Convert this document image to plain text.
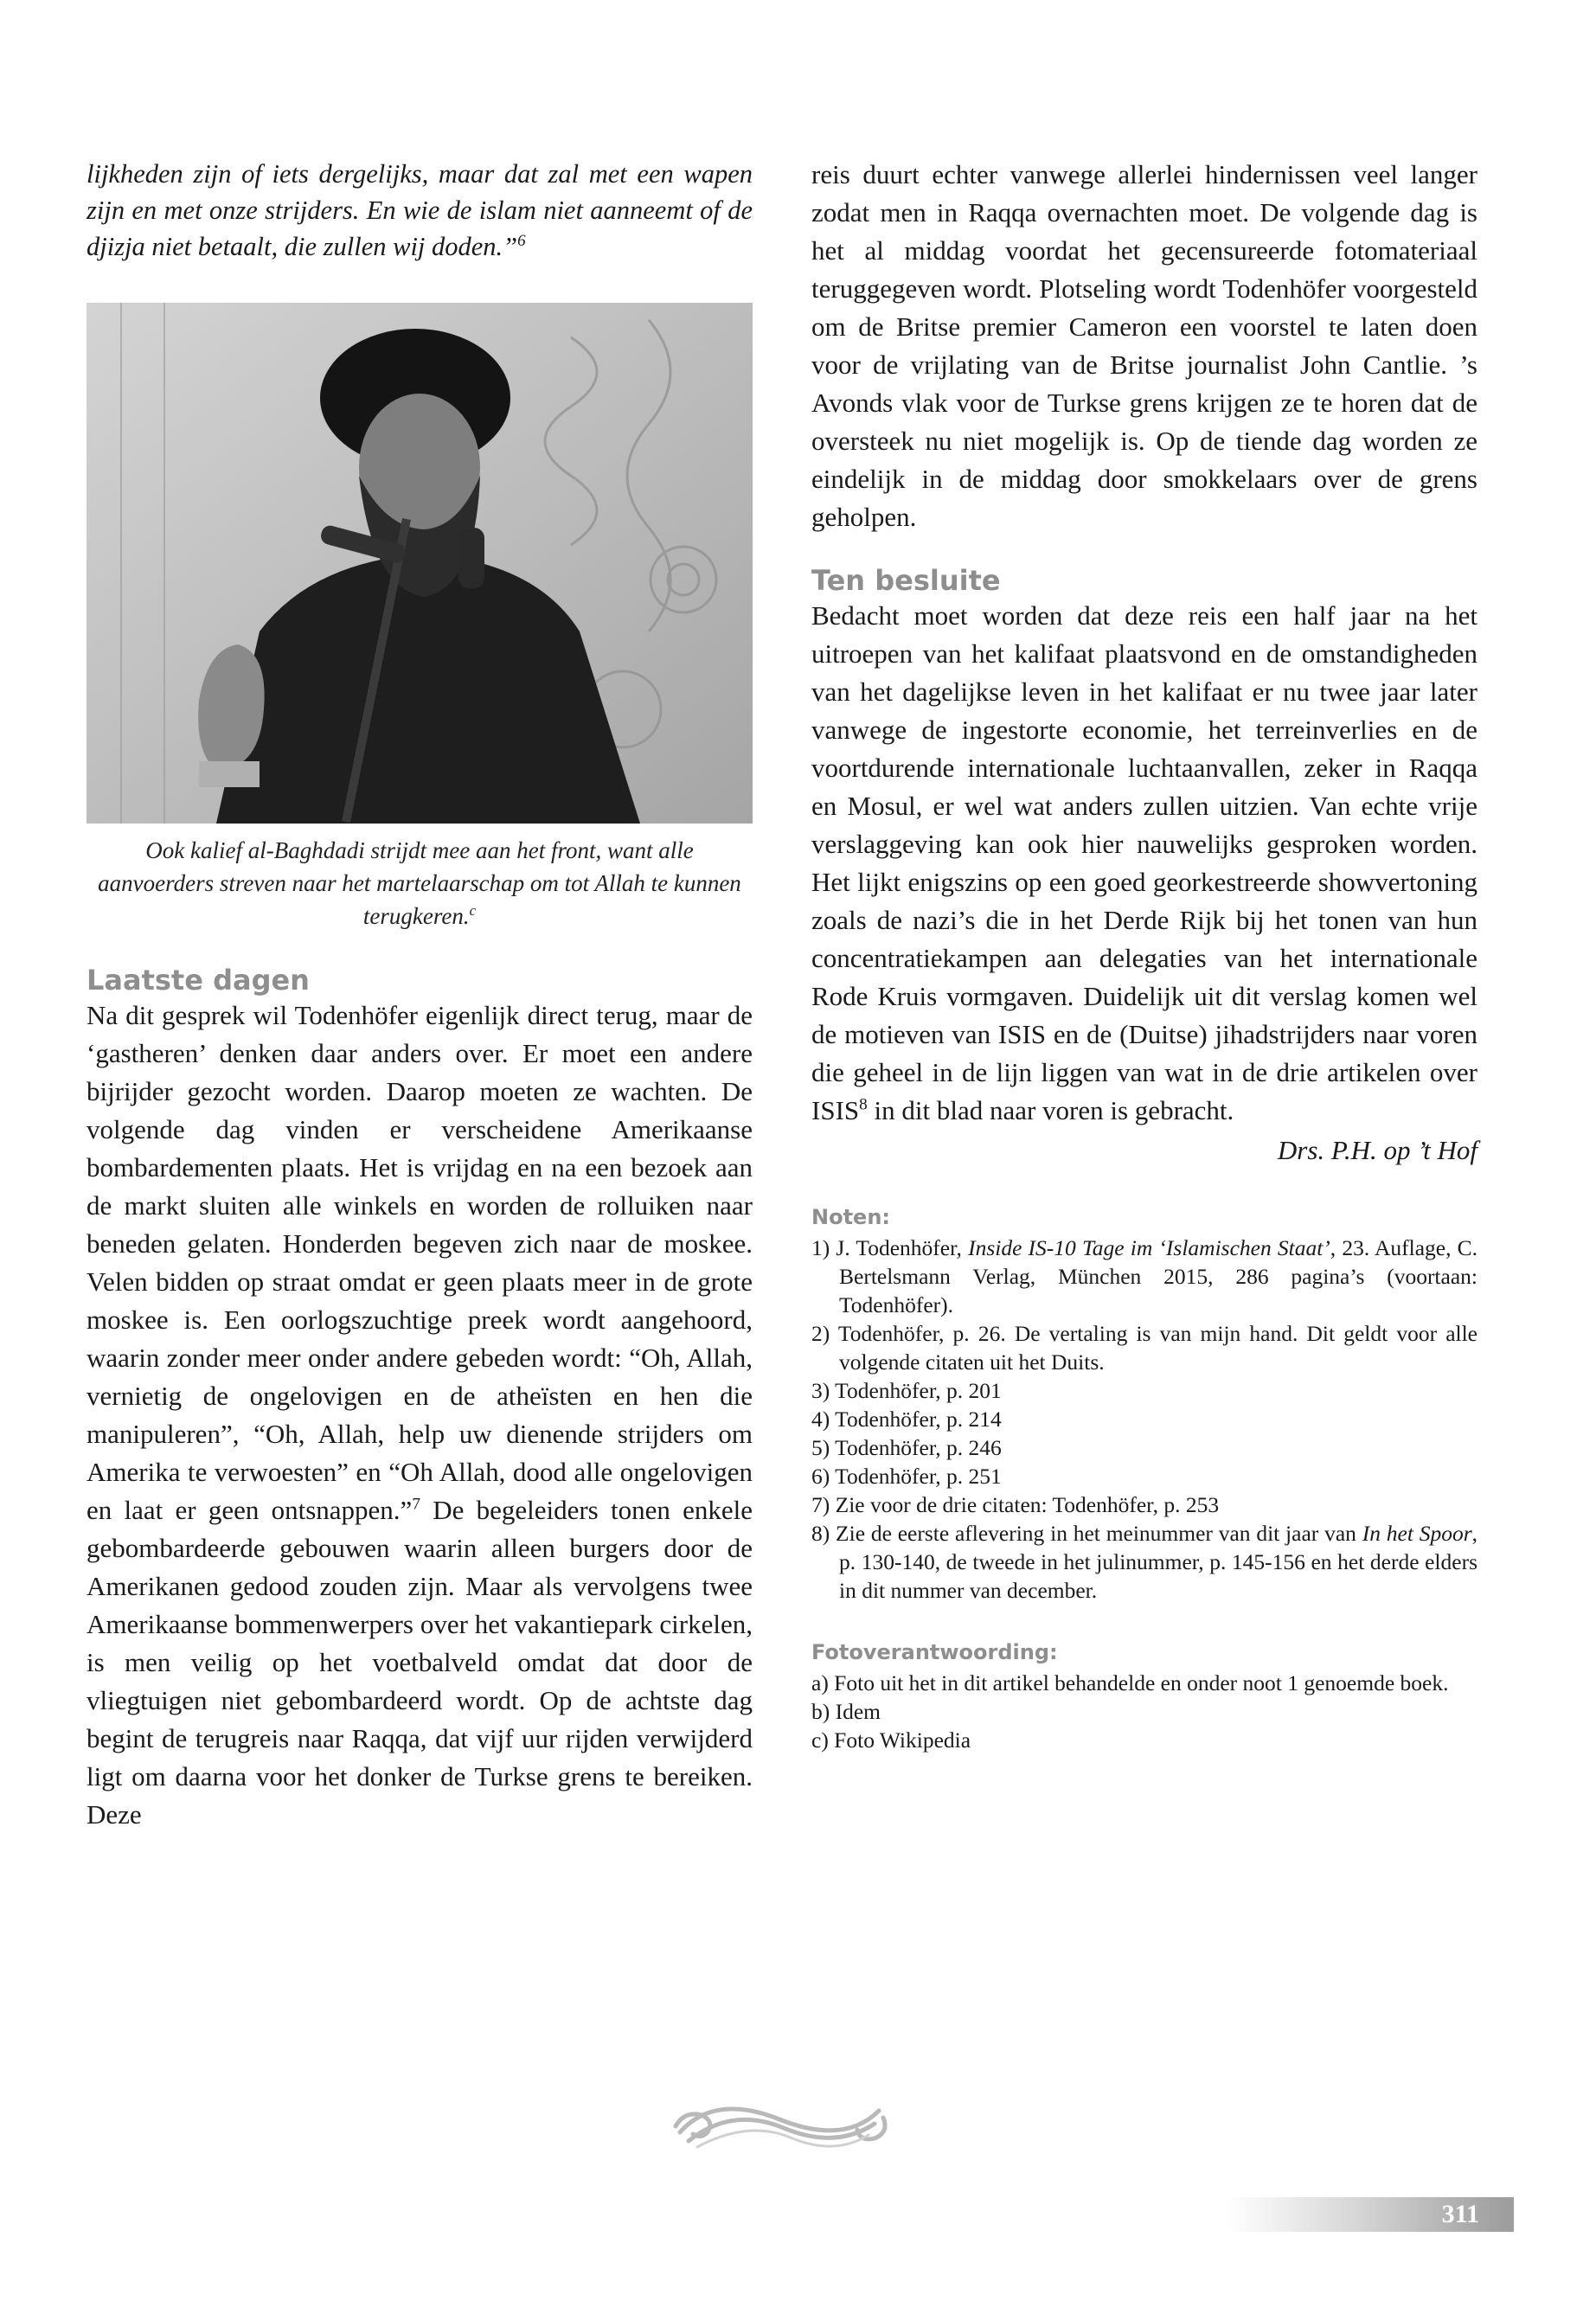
lijkheden zijn of iets dergelijks, maar dat zal met een wapen zijn en met onze strijders. En wie de islam niet aanneemt of de djizja niet betaalt, die zullen wij doden.”$^6$

Ook kalief al-Baghdadi strijdt mee aan het front, want alle aanvoerders streven naar het martelaarschap om tot Allah te kunnen terugkeren.$^c$

Laatste dagen

Na dit gesprek wil Todenhöfer eigenlijk direct terug, maar de ‘gastheren’ denken daar anders over. Er moet een andere bijrijder gezocht worden. Daarop moeten ze wachten. De volgende dag vinden er verscheidene Amerikaanse bombardementen plaats. Het is vrijdag en na een bezoek aan de markt sluiten alle winkels en worden de rolluiken naar beneden gelaten. Honderden begeven zich naar de moskee. Velen bidden op straat omdat er geen plaats meer in de grote moskee is. Een oorlogszuchtige preek wordt aangehoord, waarin zonder meer onder andere gebeden wordt: “Oh, Allah, vernietig de ongelovigen en de atheïsten en hen die manipuleren”, “Oh, Allah, help uw dienende strijders om Amerika te verwoesten” en “Oh Allah, dood alle ongelovigen en laat er geen ontsnappen.”$^7$ De begeleiders tonen enkele gebombardeerde gebouwen waarin alleen burgers door de Amerikanen gedood zouden zijn. Maar als vervolgens twee Amerikaanse bommenwerpers over het vakantiepark cirkelen, is men veilig op het voetbalveld omdat dat door de vliegtuigen niet gebombardeerd wordt. Op de achtste dag begint de terugreis naar Raqqa, dat vijf uur rijden verwijderd ligt om daarna voor het donker de Turkse grens te bereiken. Deze

reis duurt echter vanwege allerlei hindernissen veel langer zodat men in Raqqa overnachten moet. De volgende dag is het al middag voordat het gecensureerde fotomateriaal teruggegeven wordt. Plotseling wordt Todenhöfer voorgesteld om de Britse premier Cameron een voorstel te laten doen voor de vrijlating van de Britse journalist John Cantlie. ’s Avonds vlak voor de Turkse grens krijgen ze te horen dat de oversteek nu niet mogelijk is. Op de tiende dag worden ze eindelijk in de middag door smokkelaars over de grens geholpen.

Ten besluite

Bedacht moet worden dat deze reis een half jaar na het uitroepen van het kalifaat plaatsvond en de omstandigheden van het dagelijkse leven in het kalifaat er nu twee jaar later vanwege de ingestorte economie, het terreinverlies en de voortdurende internationale luchtaanvallen, zeker in Raqqa en Mosul, er wel wat anders zullen uitzien. Van echte vrije verslaggeving kan ook hier nauwelijks gesproken worden. Het lijkt enigszins op een goed georkestreerde showvertoning zoals de nazi’s die in het Derde Rijk bij het tonen van hun concentratiekampen aan delegaties van het internationale Rode Kruis vormgaven. Duidelijk uit dit verslag komen wel de motieven van ISIS en de (Duitse) jihadstrijders naar voren die geheel in de lijn liggen van wat in de drie artikelen over ISIS$^8$ in dit blad naar voren is gebracht.

Drs. P.H. op ’t Hof

Noten:
1) J. Todenhöfer, Inside IS-10 Tage im ‘Islamischen Staat’, 23. Auflage, C. Bertelsmann Verlag, München 2015, 286 pagina’s (voortaan: Todenhöfer).
2) Todenhöfer, p. 26. De vertaling is van mijn hand. Dit geldt voor alle volgende citaten uit het Duits.
3) Todenhöfer, p. 201
4) Todenhöfer, p. 214
5) Todenhöfer, p. 246
6) Todenhöfer, p. 251
7) Zie voor de drie citaten: Todenhöfer, p. 253
8) Zie de eerste aflevering in het meinummer van dit jaar van In het Spoor, p. 130-140, de tweede in het julinummer, p. 145-156 en het derde elders in dit nummer van december.
Fotoverantwoording:
a) Foto uit het in dit artikel behandelde en onder noot 1 genoemde boek.
b) Idem
c) Foto Wikipedia
311
